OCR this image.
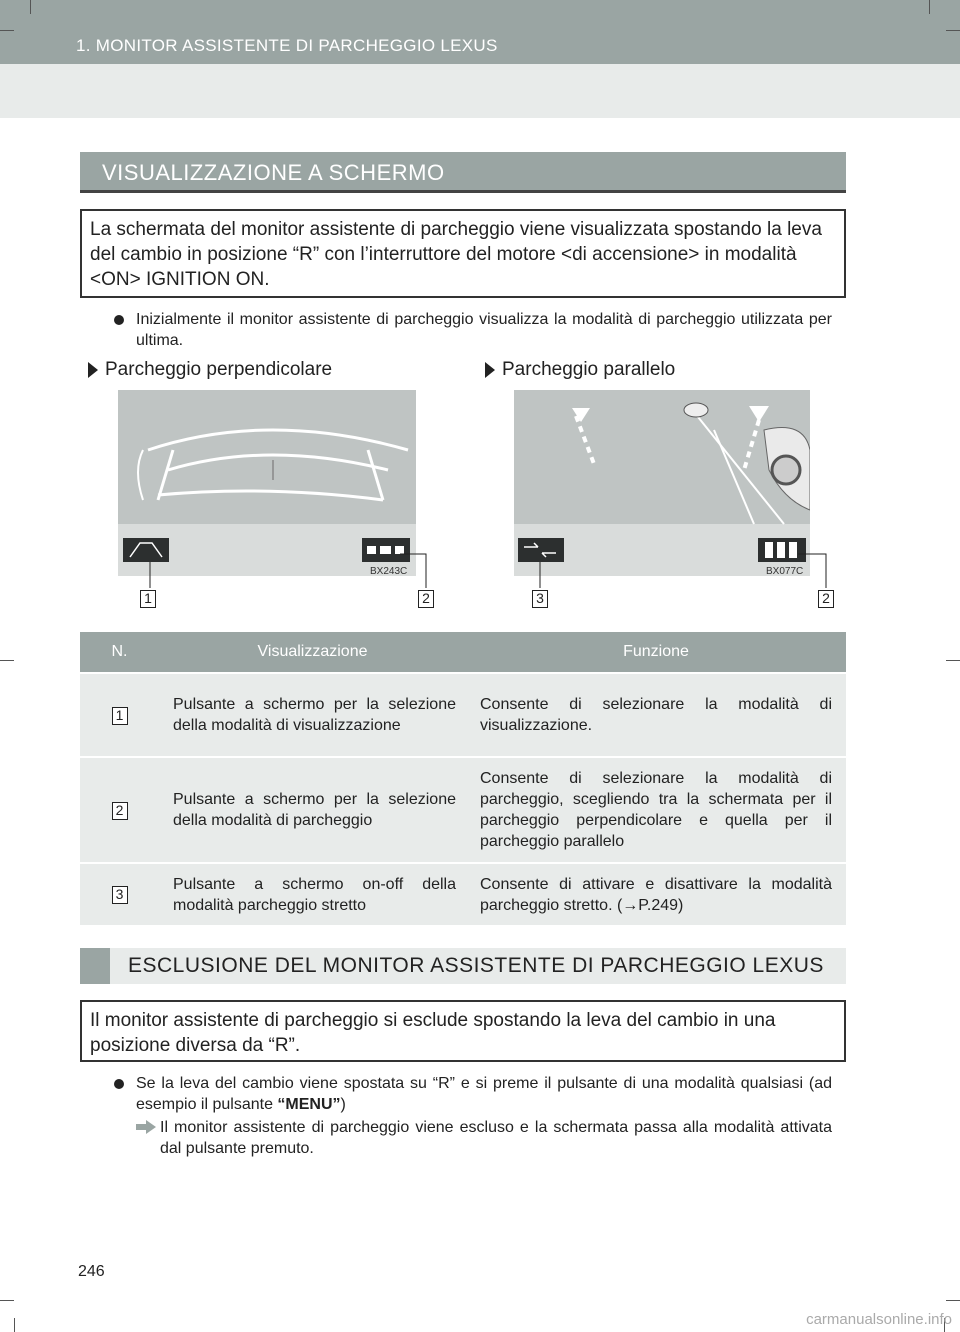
1. MONITOR ASSISTENTE DI PARCHEGGIO LEXUS
VISUALIZZAZIONE A SCHERMO
La schermata del monitor assistente di parcheggio viene visualizzata spostando la leva del cambio in posizione “R” con l’interruttore del motore <di accensione> in modalità <ON> IGNITION ON.
Inizialmente il monitor assistente di parcheggio visualizza la modalità di parcheggio utilizzata per ultima.
Parcheggio perpendicolare
BX243C
1	2
Parcheggio parallelo
BX077C
3	2
N.	Visualizzazione	Funzione
1	Pulsante a schermo per la selezione della modalità di visualizzazione	Consente di selezionare la modalità di visualizzazione.
2	Pulsante a schermo per la selezione della modalità di parcheggio	Consente di selezionare la modalità di parcheggio, scegliendo tra la schermata per il parcheggio perpendicolare e quella per il parcheggio parallelo
3	Pulsante a schermo on-off della modalità parcheggio stretto	Consente di attivare e disattivare la modalità parcheggio stretto. (→P.249)
ESCLUSIONE DEL MONITOR ASSISTENTE DI PARCHEGGIO LEXUS
Il monitor assistente di parcheggio si esclude spostando la leva del cambio in una posizione diversa da “R”.
Se la leva del cambio viene spostata su “R” e si preme il pulsante di una modalità qualsiasi (ad esempio il pulsante “MENU”)
Il monitor assistente di parcheggio viene escluso e la schermata passa alla modalità attivata dal pulsante premuto.
246
carmanualsonline.info
